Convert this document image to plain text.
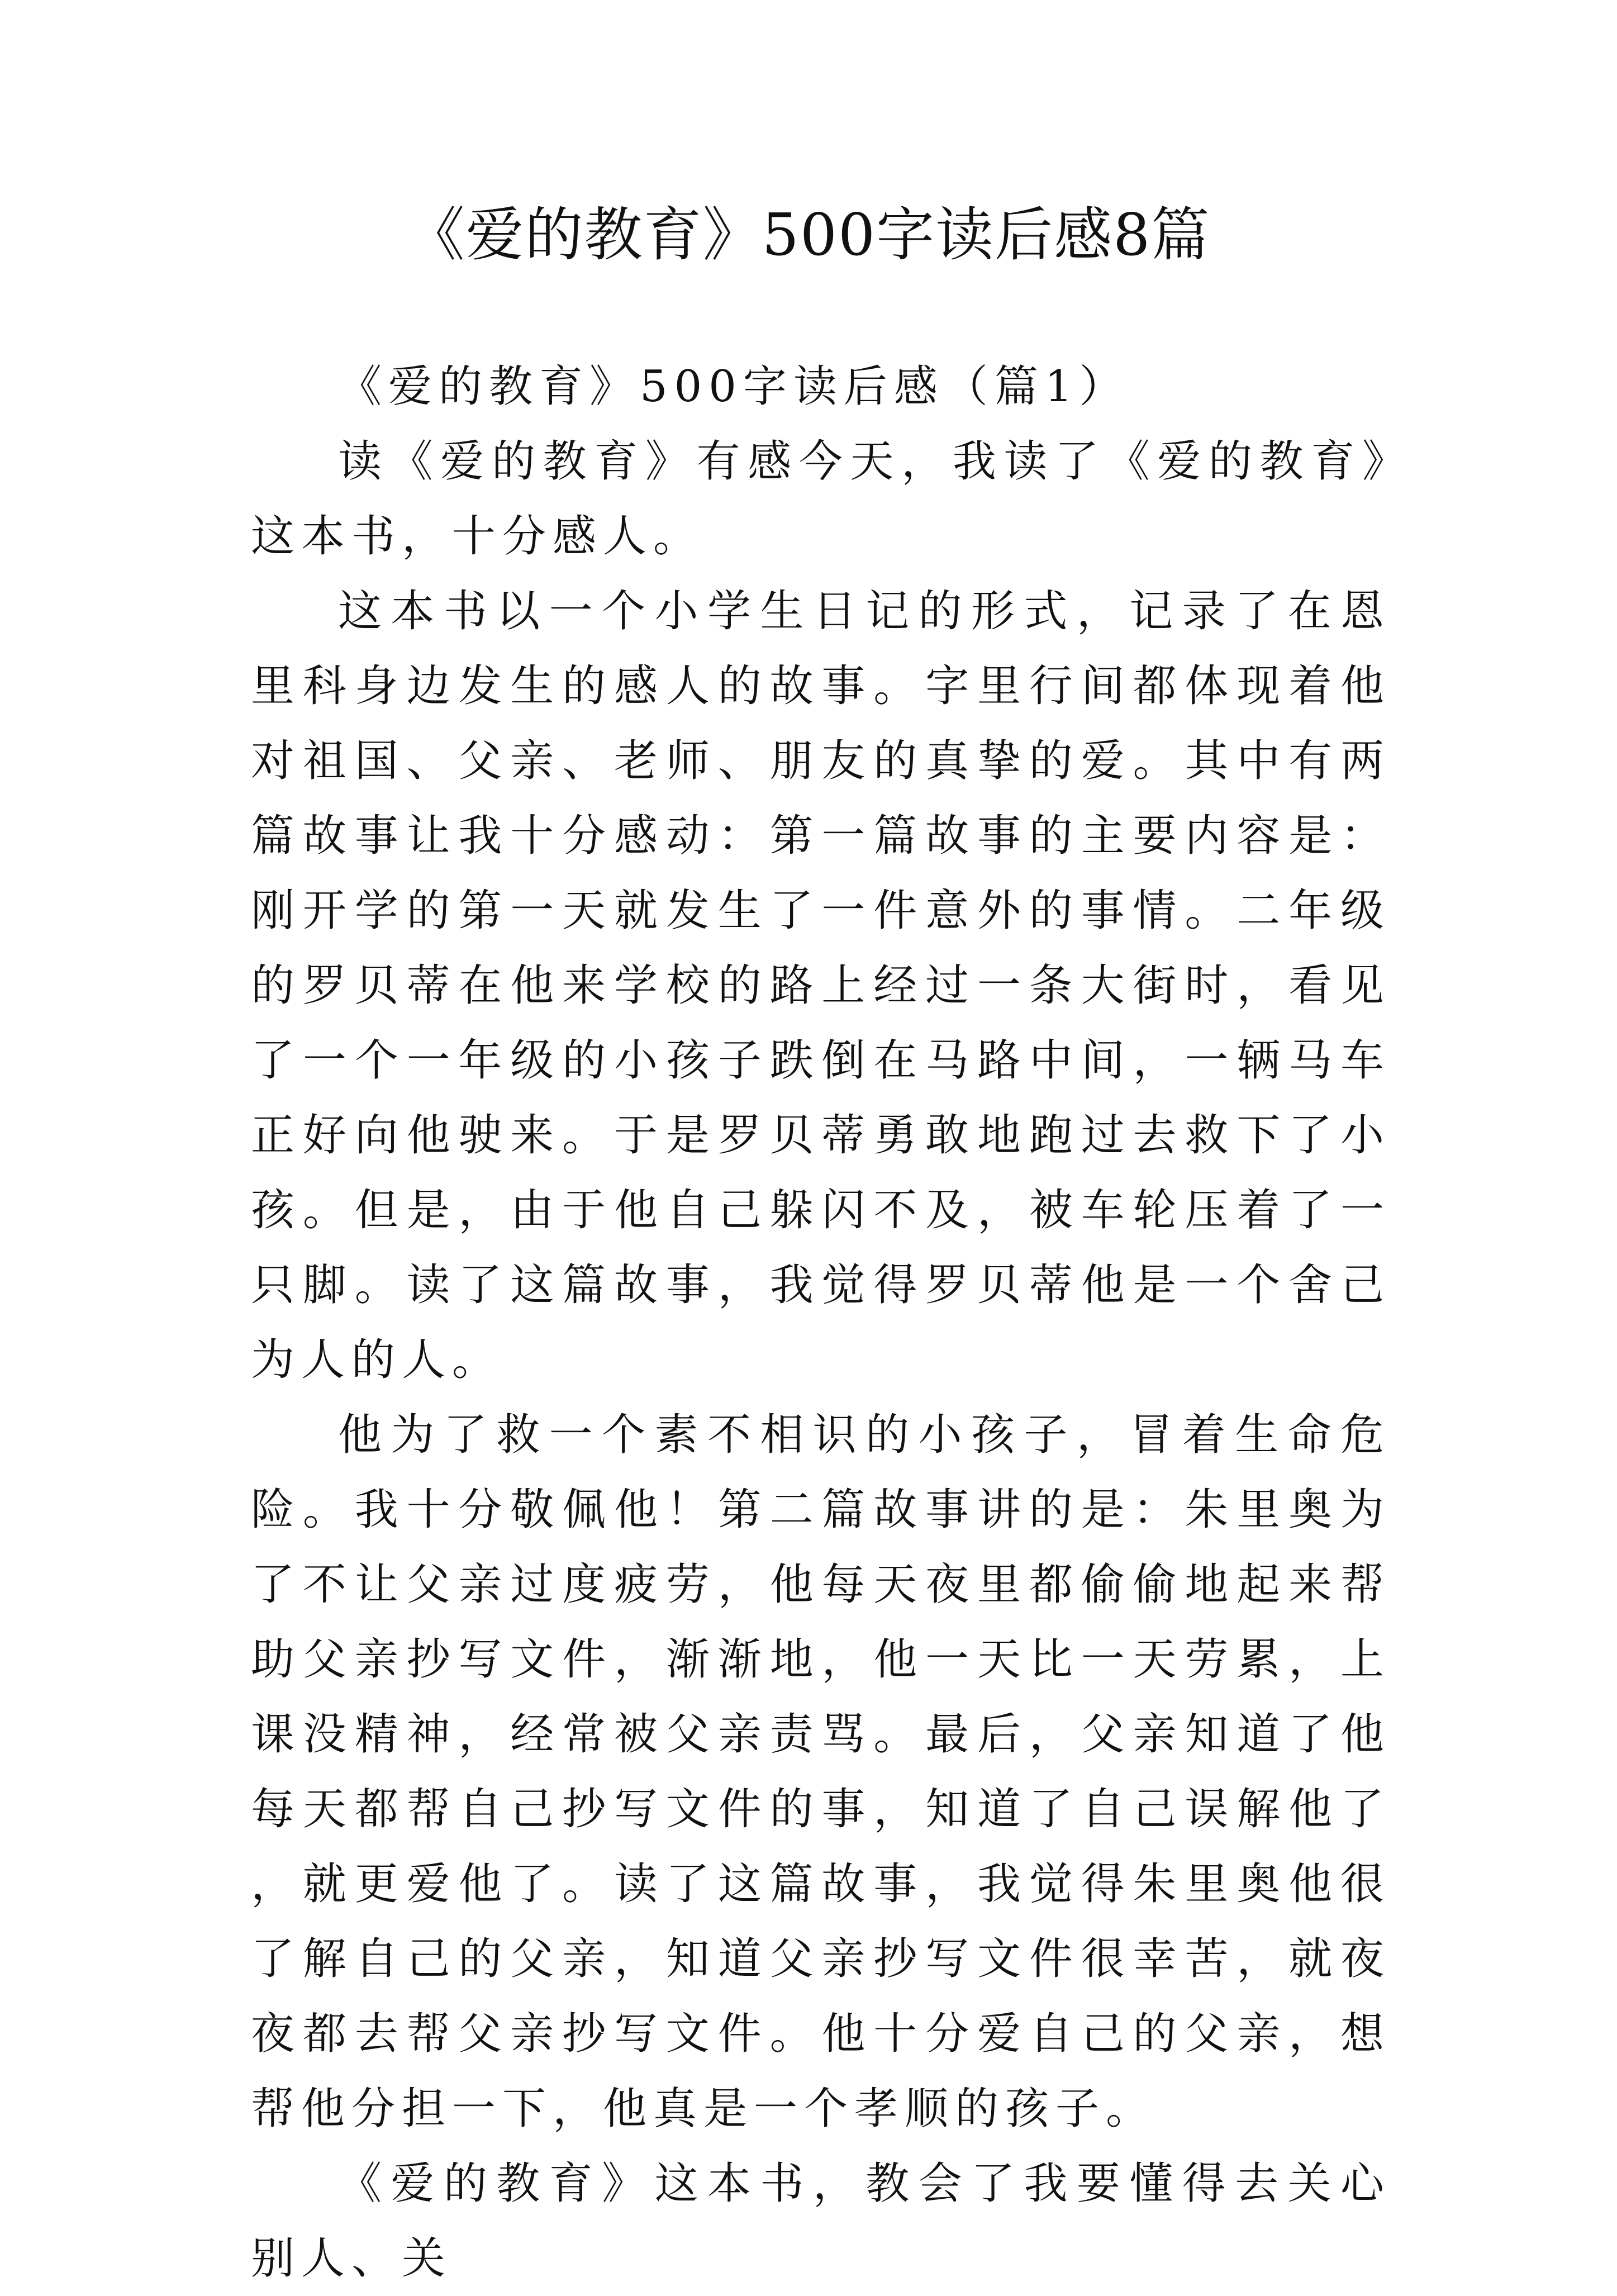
《爱的教育》500字读后感8篇

《爱的教育》500字读后感（篇1）

读《爱的教育》有感今天，我读了《爱的教育》这本书，十分感人。

这本书以一个小学生日记的形式，记录了在恩里科身边发生的感人的故事。字里行间都体现着他对祖国、父亲、老师、朋友的真挚的爱。其中有两篇故事让我十分感动：第一篇故事的主要内容是：刚开学的第一天就发生了一件意外的事情。二年级的罗贝蒂在他来学校的路上经过一条大街时，看见了一个一年级的小孩子跌倒在马路中间，一辆马车正好向他驶来。于是罗贝蒂勇敢地跑过去救下了小孩。但是，由于他自己躲闪不及，被车轮压着了一只脚。读了这篇故事，我觉得罗贝蒂他是一个舍己为人的人。

他为了救一个素不相识的小孩子，冒着生命危险。我十分敬佩他！第二篇故事讲的是：朱里奥为了不让父亲过度疲劳，他每天夜里都偷偷地起来帮助父亲抄写文件，渐渐地，他一天比一天劳累，上课没精神，经常被父亲责骂。最后，父亲知道了他每天都帮自己抄写文件的事，知道了自己误解他了，就更爱他了。读了这篇故事，我觉得朱里奥他很了解自己的父亲，知道父亲抄写文件很幸苦，就夜夜都去帮父亲抄写文件。他十分爱自己的父亲，想帮他分担一下，他真是一个孝顺的孩子。

《爱的教育》这本书，教会了我要懂得去关心别人、关
